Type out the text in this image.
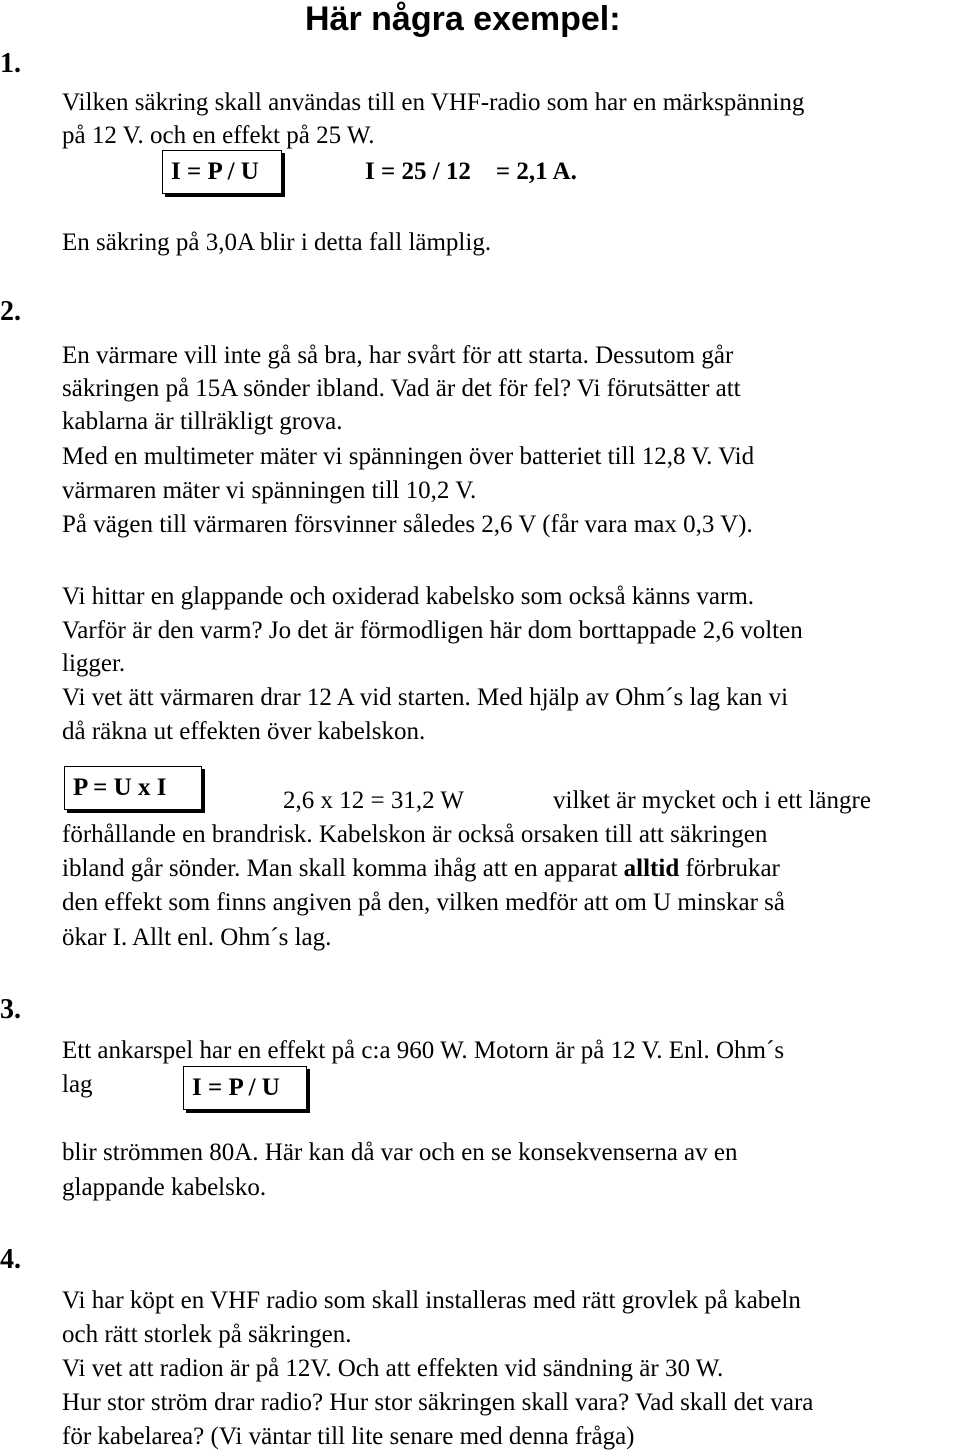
Här några exempel:
1.
Vilken säkring skall användas till en VHF-radio som har en märkspänning
på 12 V. och en effekt på 25 W.
I = P / U	I = 25 / 12    = 2,1 A.
En säkring på 3,0A blir i detta fall lämplig.
2.
En värmare vill inte gå så bra, har svårt för att starta. Dessutom går
säkringen på 15A sönder ibland. Vad är det för fel? Vi förutsätter att
kablarna är tillräkligt grova.
Med en multimeter mäter vi spänningen över batteriet till 12,8 V. Vid
värmaren mäter vi spänningen till 10,2 V.
På vägen till värmaren försvinner således 2,6 V (får vara max 0,3 V).
Vi hittar en glappande och oxiderad kabelsko som också känns varm.
Varför är den varm? Jo det är förmodligen här dom borttappade 2,6 volten
ligger.
Vi vet ätt värmaren drar 12 A vid starten. Med hjälp av Ohm´s lag kan vi
då räkna ut effekten över kabelskon.
P = U x I	2,6 x 12 = 31,2 W	vilket är mycket och i ett längre
förhållande en brandrisk. Kabelskon är också orsaken till att säkringen
ibland går sönder. Man skall komma ihåg att en apparat alltid förbrukar
den effekt som finns angiven på den, vilken medför att om U minskar så
ökar I. Allt enl. Ohm´s lag.
3.
Ett ankarspel har en effekt på c:a 960 W. Motorn är på 12 V. Enl. Ohm´s
lag	I = P / U
blir strömmen 80A. Här kan då var och en se konsekvenserna av en
glappande kabelsko.
4.
Vi har köpt en VHF radio som skall installeras med rätt grovlek på kabeln
och rätt storlek på säkringen.
Vi vet att radion är på 12V. Och att effekten vid sändning är 30 W.
Hur stor ström drar radio? Hur stor säkringen skall vara? Vad skall det vara
för kabelarea? (Vi väntar till lite senare med denna fråga)
